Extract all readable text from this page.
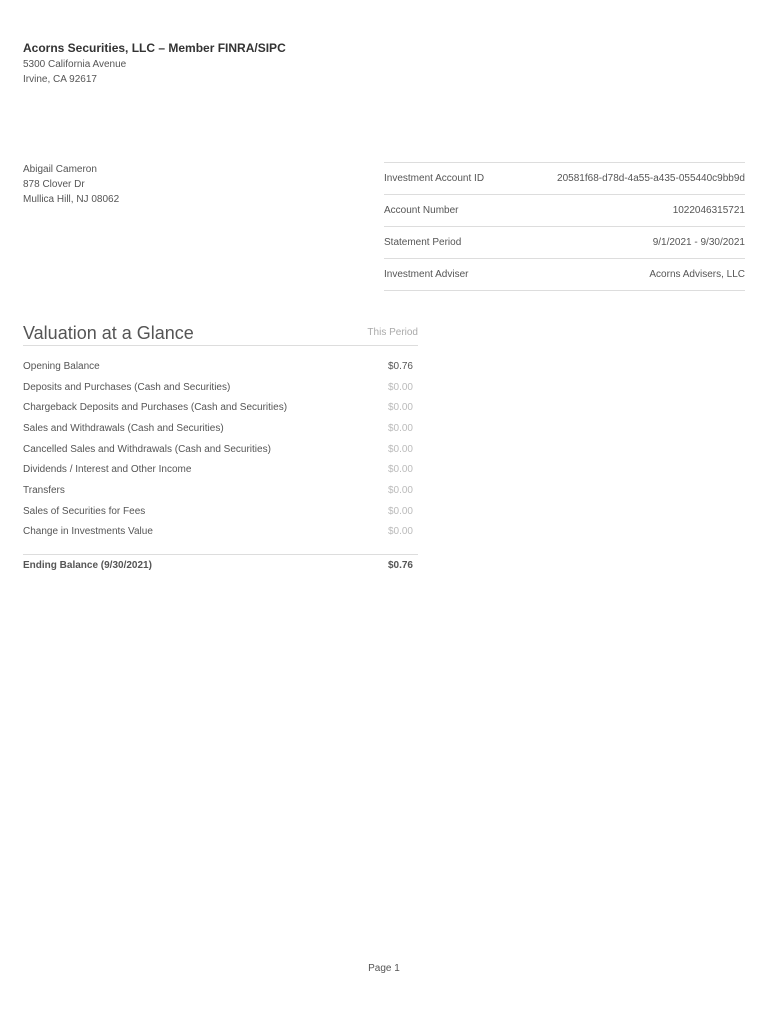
Acorns Securities, LLC – Member FINRA/SIPC
5300 California Avenue
Irvine, CA 92617
Abigail Cameron
878 Clover Dr
Mullica Hill, NJ 08062
Investment Account ID	20581f68-d78d-4a55-a435-055440c9bb9d
Account Number	1022046315721
Statement Period	9/1/2021 - 9/30/2021
Investment Adviser	Acorns Advisers, LLC
Valuation at a Glance	This Period
Opening Balance	$0.76
Deposits and Purchases (Cash and Securities)	$0.00
Chargeback Deposits and Purchases (Cash and Securities)	$0.00
Sales and Withdrawals (Cash and Securities)	$0.00
Cancelled Sales and Withdrawals (Cash and Securities)	$0.00
Dividends / Interest and Other Income	$0.00
Transfers	$0.00
Sales of Securities for Fees	$0.00
Change in Investments Value	$0.00
Ending Balance (9/30/2021)	$0.76
Page 1
